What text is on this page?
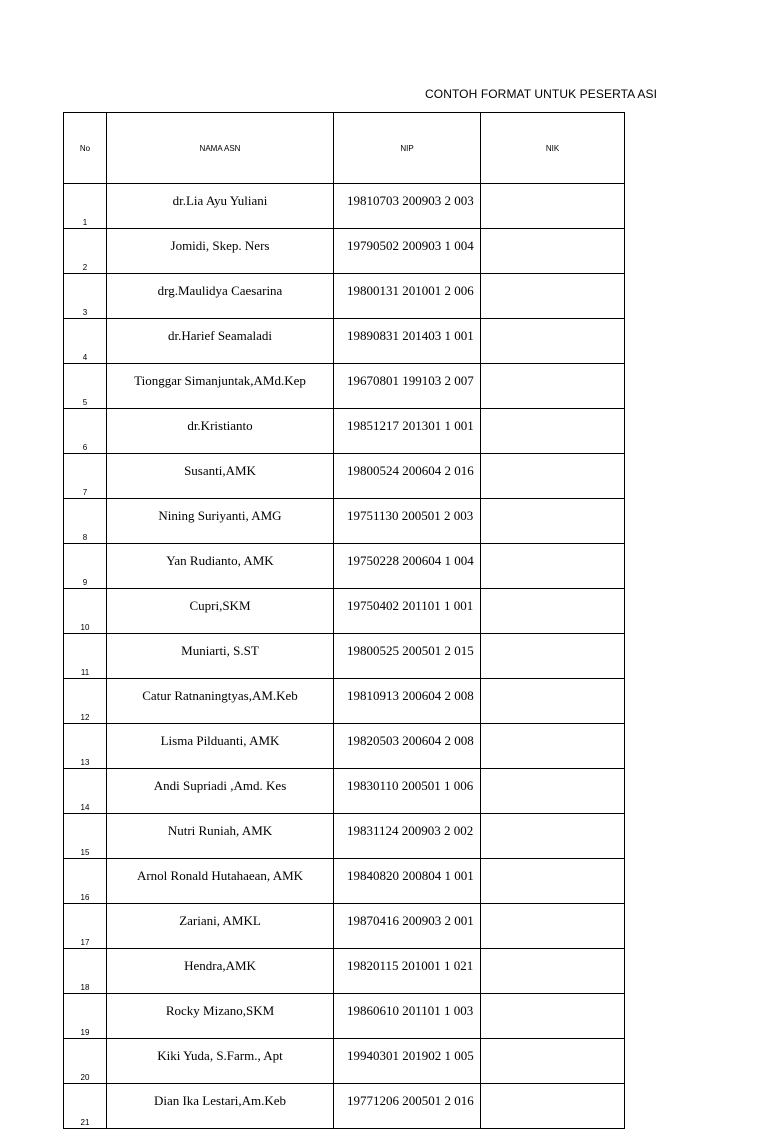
CONTOH FORMAT UNTUK PESERTA ASI
No	NAMA ASN	NIP	NIK
1	dr.Lia Ayu Yuliani	19810703 200903 2 003	
2	Jomidi, Skep. Ners	19790502 200903 1 004	
3	drg.Maulidya Caesarina	19800131 201001 2 006	
4	dr.Harief Seamaladi	19890831 201403 1 001	
5	Tionggar Simanjuntak,AMd.Kep	19670801 199103 2 007	
6	dr.Kristianto	19851217 201301 1 001	
7	Susanti,AMK	19800524 200604 2 016	
8	Nining Suriyanti, AMG	19751130 200501 2 003	
9	Yan Rudianto, AMK	19750228 200604 1 004	
10	Cupri,SKM	19750402 201101 1 001	
11	Muniarti, S.ST	19800525 200501 2 015	
12	Catur Ratnaningtyas,AM.Keb	19810913 200604 2 008	
13	Lisma Pilduanti, AMK	19820503 200604 2 008	
14	Andi Supriadi ,Amd. Kes	19830110 200501 1 006	
15	Nutri Runiah, AMK	19831124 200903 2 002	
16	Arnol Ronald Hutahaean, AMK	19840820 200804 1 001	
17	Zariani, AMKL	19870416 200903 2 001	
18	Hendra,AMK	19820115 201001 1 021	
19	Rocky Mizano,SKM	19860610 201101 1 003	
20	Kiki Yuda, S.Farm., Apt	19940301 201902 1 005	
21	Dian Ika Lestari,Am.Keb	19771206 200501 2 016	
